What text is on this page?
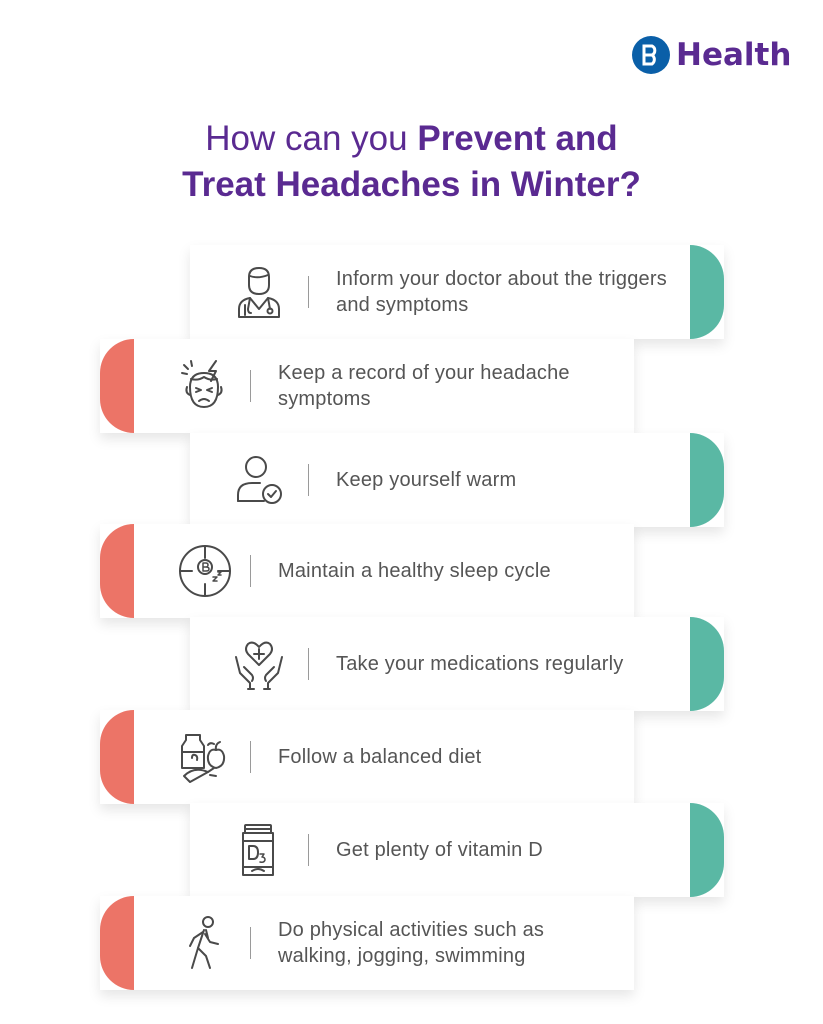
Health
How can you Prevent and
Treat Headaches in Winter?
Inform your doctor about the triggers and symptoms
Keep a record of your headache symptoms
Keep yourself warm
Maintain a healthy sleep cycle
Take your medications regularly
Follow a balanced diet
Get plenty of vitamin D
Do physical activities such as walking, jogging, swimming
